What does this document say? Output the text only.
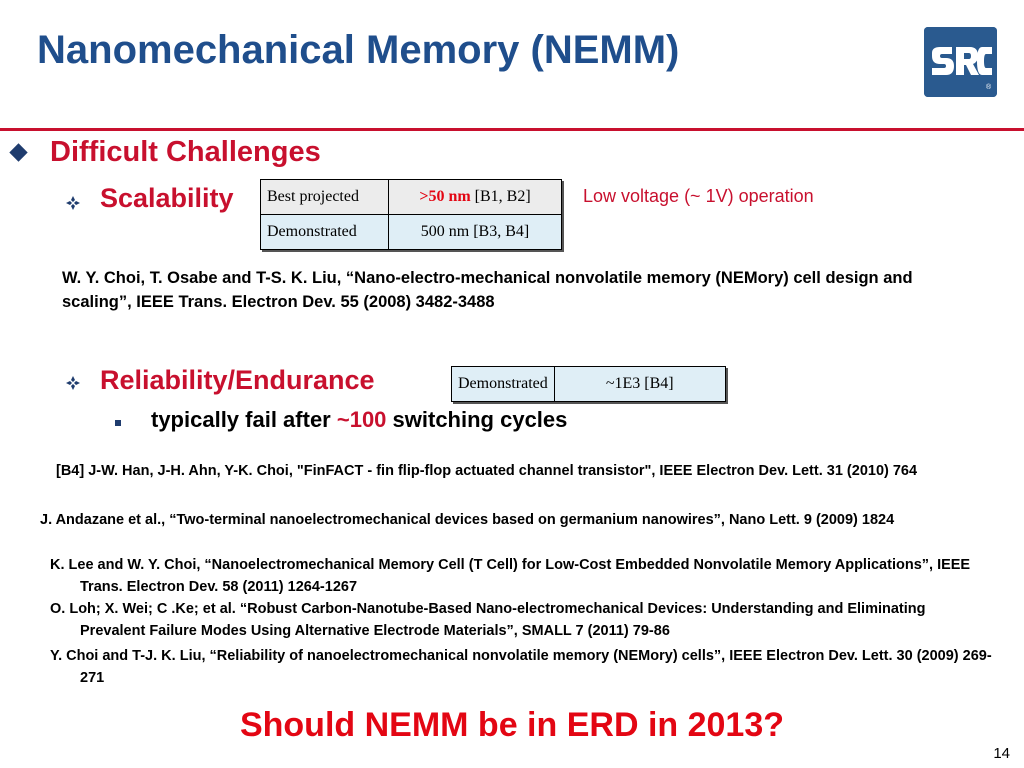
Nanomechanical Memory (NEMM)
®
Difficult Challenges
Scalability Best projected	>50 nm [B1, B2]
Demonstrated	500 nm [B3, B4]
Low voltage (~ 1V) operation
W. Y. Choi, T. Osabe and T-S. K. Liu, “Nano-electro-mechanical nonvolatile memory (NEMory) cell design and scaling”, IEEE Trans. Electron Dev. 55 (2008) 3482-3488
Reliability/Endurance	Demonstrated	~1E3 [B4]
typically fail after ~100 switching cycles
[B4] J-W. Han, J-H. Ahn, Y-K. Choi, "FinFACT - fin flip-flop actuated channel transistor", IEEE Electron Dev. Lett. 31 (2010) 764
J. Andazane et al., “Two-terminal nanoelectromechanical devices based on germanium nanowires”, Nano Lett. 9 (2009) 1824
K. Lee and W. Y. Choi, “Nanoelectromechanical Memory Cell (T Cell) for Low-Cost Embedded Nonvolatile Memory Applications”, IEEE Trans. Electron Dev. 58 (2011) 1264-1267
O. Loh; X. Wei; C .Ke; et al. “Robust Carbon-Nanotube-Based Nano-electromechanical Devices: Understanding and Eliminating Prevalent Failure Modes Using Alternative Electrode Materials”, SMALL 7 (2011) 79-86
Y. Choi and T-J. K. Liu, “Reliability of nanoelectromechanical nonvolatile memory (NEMory) cells”, IEEE Electron Dev. Lett. 30 (2009) 269-271
Should NEMM be in ERD in 2013?
14
